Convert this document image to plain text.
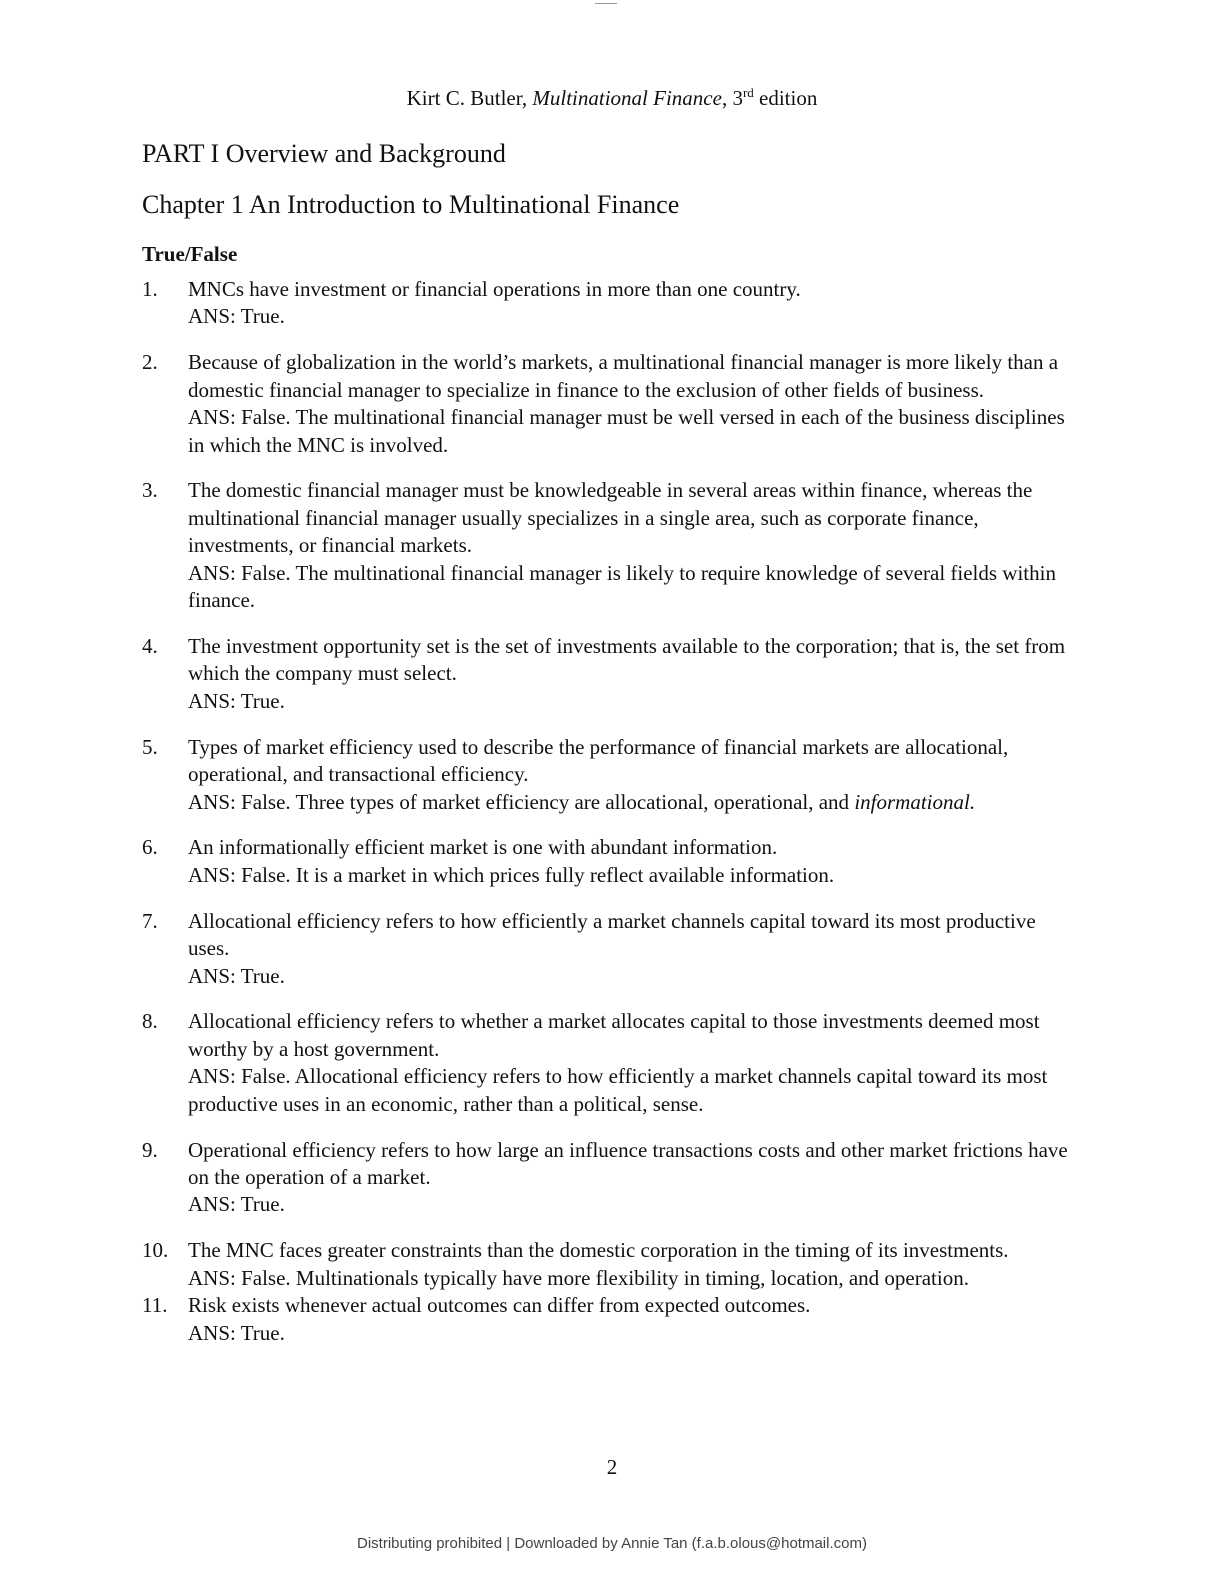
Kirt C. Butler, Multinational Finance, 3rd edition
PART I Overview and Background
Chapter 1 An Introduction to Multinational Finance
True/False
1. MNCs have investment or financial operations in more than one country.
ANS: True.
2. Because of globalization in the world’s markets, a multinational financial manager is more likely than a domestic financial manager to specialize in finance to the exclusion of other fields of business.
ANS: False. The multinational financial manager must be well versed in each of the business disciplines in which the MNC is involved.
3. The domestic financial manager must be knowledgeable in several areas within finance, whereas the multinational financial manager usually specializes in a single area, such as corporate finance, investments, or financial markets.
ANS: False. The multinational financial manager is likely to require knowledge of several fields within finance.
4. The investment opportunity set is the set of investments available to the corporation; that is, the set from which the company must select.
ANS: True.
5. Types of market efficiency used to describe the performance of financial markets are allocational, operational, and transactional efficiency.
ANS: False. Three types of market efficiency are allocational, operational, and informational.
6. An informationally efficient market is one with abundant information.
ANS: False. It is a market in which prices fully reflect available information.
7. Allocational efficiency refers to how efficiently a market channels capital toward its most productive uses.
ANS: True.
8. Allocational efficiency refers to whether a market allocates capital to those investments deemed most worthy by a host government.
ANS: False. Allocational efficiency refers to how efficiently a market channels capital toward its most productive uses in an economic, rather than a political, sense.
9. Operational efficiency refers to how large an influence transactions costs and other market frictions have on the operation of a market.
ANS: True.
10. The MNC faces greater constraints than the domestic corporation in the timing of its investments.
ANS: False. Multinationals typically have more flexibility in timing, location, and operation.
11. Risk exists whenever actual outcomes can differ from expected outcomes.
ANS: True.
2
Distributing prohibited | Downloaded by Annie Tan (f.a.b.olous@hotmail.com)
